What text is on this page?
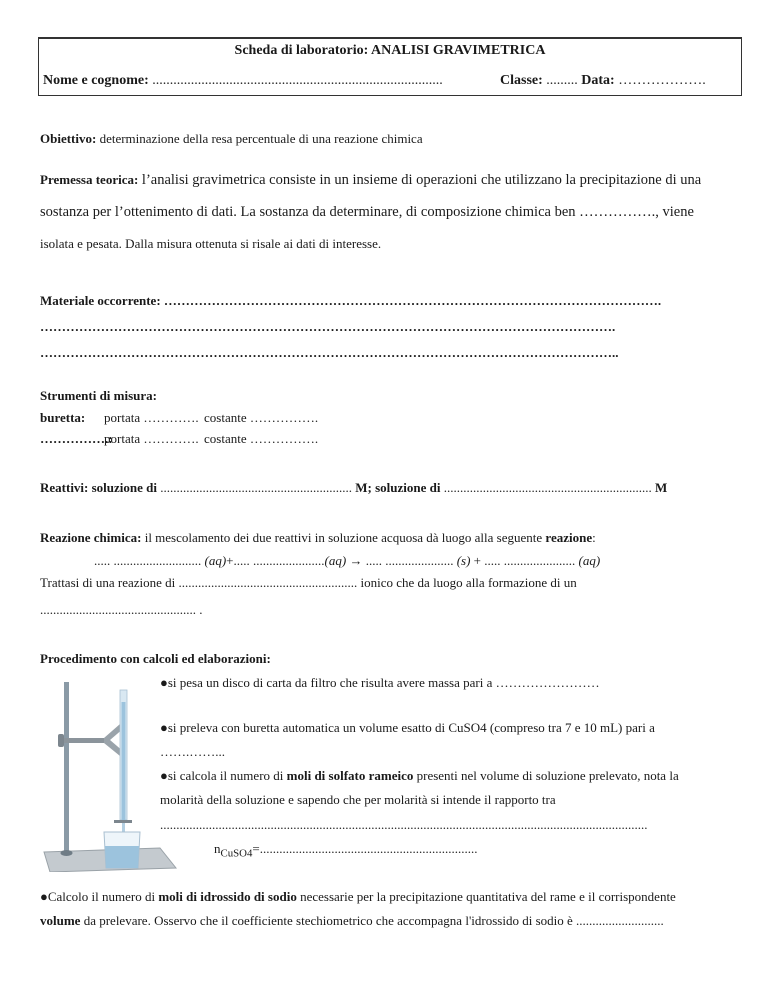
Scheda di laboratorio: ANALISI GRAVIMETRICA
Nome e cognome: ...................................................................................	Classe: ......... Data: ……………….
Obiettivo: determinazione della resa percentuale di una reazione chimica
Premessa teorica: l’analisi gravimetrica consiste in un insieme di operazioni che utilizzano la precipitazione di una
sostanza per l’ottenimento di dati. La sostanza da determinare, di composizione chimica ben ……………., viene
isolata e pesata. Dalla misura ottenuta si risale ai dati di interesse.
Materiale occorrente: …………………………………………………………………………………………………….
…………………………………………………………………………………………………………………….
……………………………………………………………………………………………………………………..
Strumenti di misura:
buretta: portata …………. costante …………….
…………….:
portata …………. costante …………….
Reattivi: soluzione di ........................................................... M; soluzione di ................................................................ M
Reazione chimica: il mescolamento dei due reattivi in soluzione acquosa dà luogo alla seguente reazione:
..... ........................... (aq)+..... ......................(aq) → ..... ..................... (s) + ..... ...................... (aq)
Trattasi di una reazione di ....................................................... ionico che da luogo alla formazione di un
................................................ .
Procedimento con calcoli ed elaborazioni:
●si pesa un disco di carta da filtro che risulta avere massa pari a ……………………
●si preleva con buretta automatica un volume esatto di CuSO4 (compreso tra 7 e 10 mL) pari a
…….……...
●si calcola il numero di moli di solfato rameico presenti nel volume di soluzione prelevato, nota la
molarità della soluzione e sapendo che per molarità si intende il rapporto tra
......................................................................................................................................................
$n_{CuSO4}=$...................................................................
●Calcolo il numero di moli di idrossido di sodio necessarie per la precipitazione quantitativa del rame e il corrispondente
volume da prelevare. Osservo che il coefficiente stechiometrico che accompagna l'idrossido di sodio è ...........................
